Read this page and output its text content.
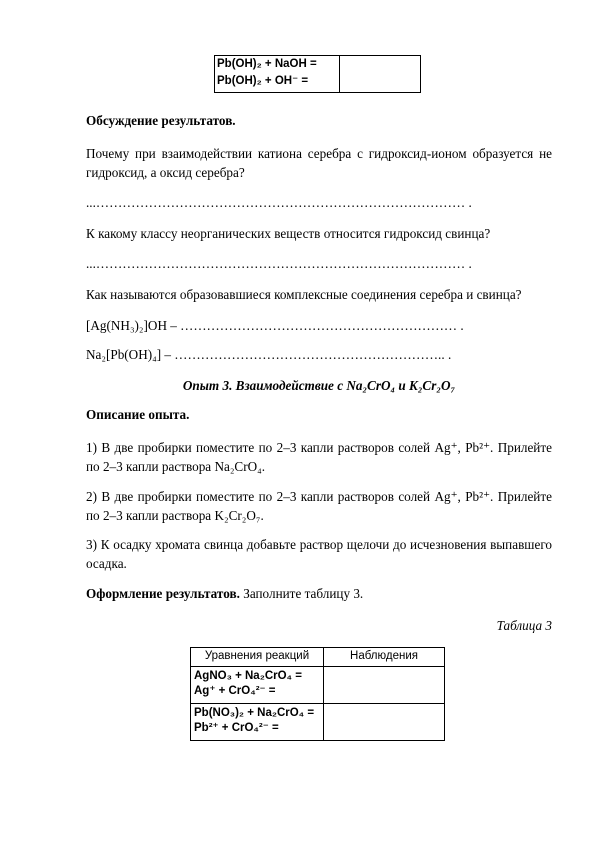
Pb(OH)₂ + NaOH =
Pb(OH)₂ + OH⁻ =

Обсуждение результатов.
Почему при взаимодействии катиона серебра с гидроксид-ионом образуется не гидроксид, а оксид серебра?
...………………………………………………………………………… .
К какому классу неорганических веществ относится гидроксид свинца?
...………………………………………………………………………… .
Как называются образовавшиеся комплексные соединения серебра и свинца?
[Ag(NH₃)₂]OH – ……………………………………………………… .
Na₂[Pb(OH)₄] – …………………………………………………….. .
Опыт 3. Взаимодействие с Na₂CrO₄ и K₂Cr₂O₇
Описание опыта.
1) В две пробирки поместите по 2–3 капли растворов солей Ag⁺, Pb²⁺. Прилейте по 2–3 капли раствора Na₂CrO₄.
2) В две пробирки поместите по 2–3 капли растворов солей Ag⁺, Pb²⁺. Прилейте по 2–3 капли раствора K₂Cr₂O₇.
3) К осадку хромата свинца добавьте раствор щелочи до исчезновения выпавшего осадка.
Оформление результатов. Заполните таблицу 3.
Таблица 3
Уравнения реакций	Наблюдения

AgNO₃ + Na₂CrO₄ =
Ag⁺ + CrO₄²⁻ =	

Pb(NO₃)₂ + Na₂CrO₄ =
Pb²⁺ + CrO₄²⁻ =	
